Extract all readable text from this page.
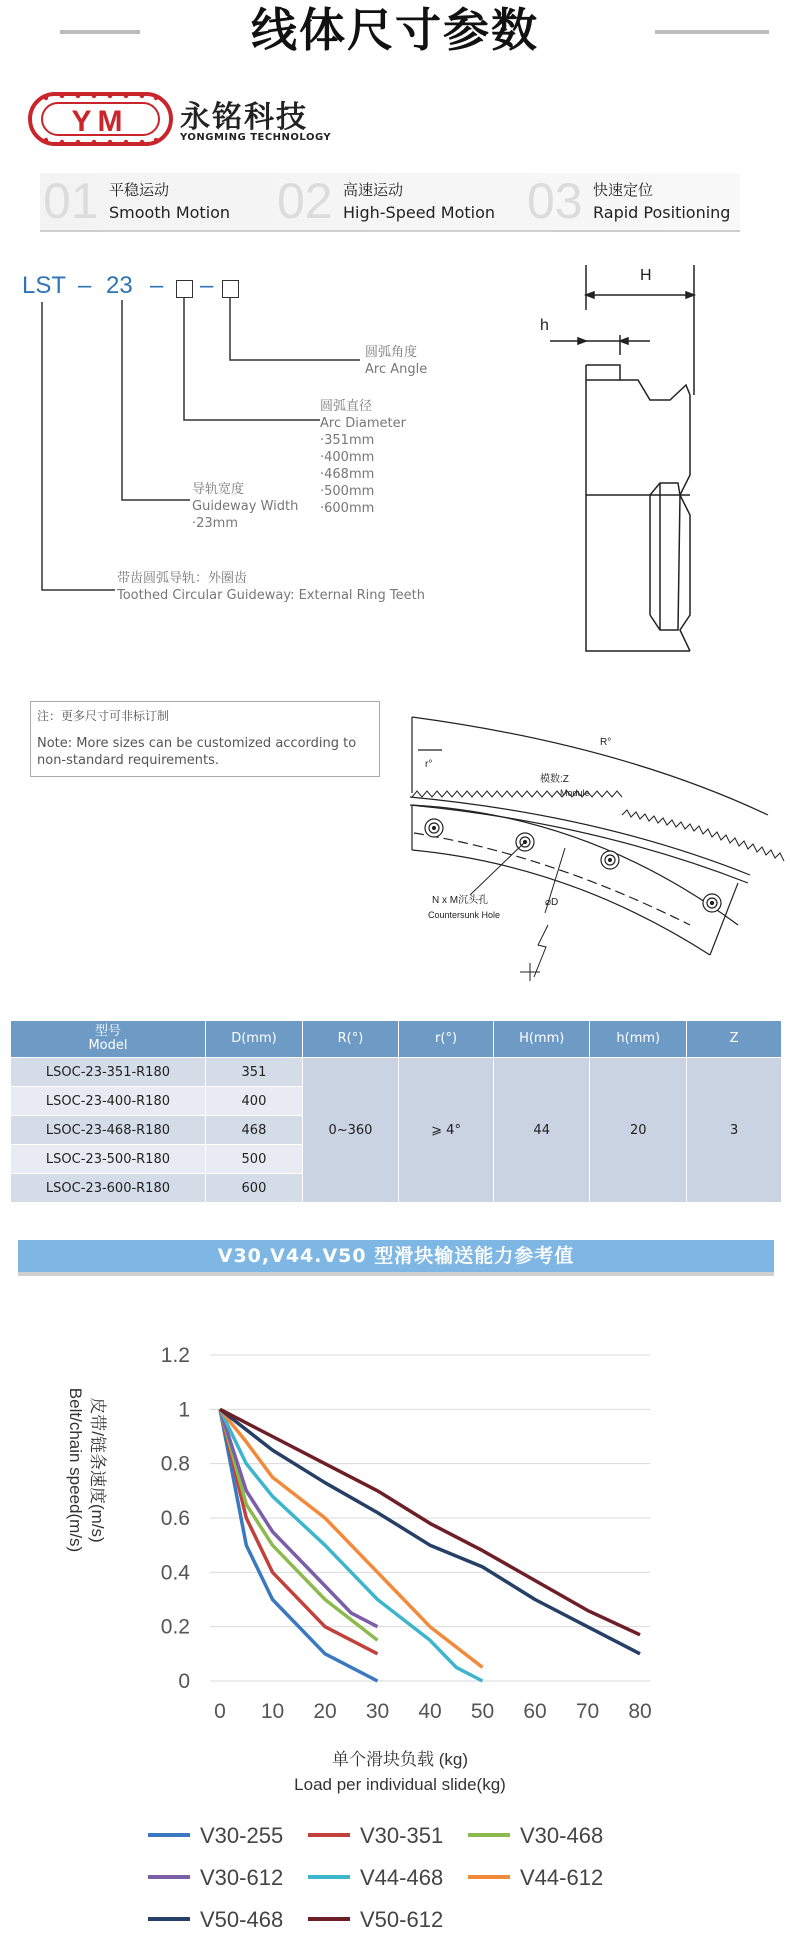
线体尺寸参数
YM 永铭科技
YONGMING TECHNOLOGY
01 平稳运动
Smooth Motion 02 高速运动
High-Speed Motion 03 快速定位
Rapid Positioning
LST – 23 – –
圆弧角度
Arc Angle
圆弧直径
Arc Diameter
·351mm
·400mm
·468mm
·500mm
·600mm
导轨宽度
Guideway Width
·23mm
带齿圆弧导轨：外圈齿
Toothed Circular Guideway: External Ring Teeth
H
h
注：更多尺寸可非标订制
Note: More sizes can be customized according to non-standard requirements.	r°
R°
模数:Z
Module
N x M沉头孔
Countersunk Hole
⌀D
型号
Model	D(mm)	R(°)	r(°)	H(mm)	h(mm)	Z
LSOC-23-351-R180	351	0~360	⩾ 4°	44	20	3
LSOC-23-400-R180	400					
LSOC-23-468-R180	468					
LSOC-23-500-R180	500					
LSOC-23-600-R180	600					
V30,V44.V50 型滑块输送能力参考值
0
0.2
0.4
0.6
0.8
1
1.2
0 10 20 30 40 50 60 70 80
皮带/链条速度(m/s)
Belt/chain speed(m/s)
单个滑块负载 (kg)
Load per individual slide(kg)
V30-255	V30-351	V30-468
V30-612	V44-468	V44-612
V50-468	V50-612
